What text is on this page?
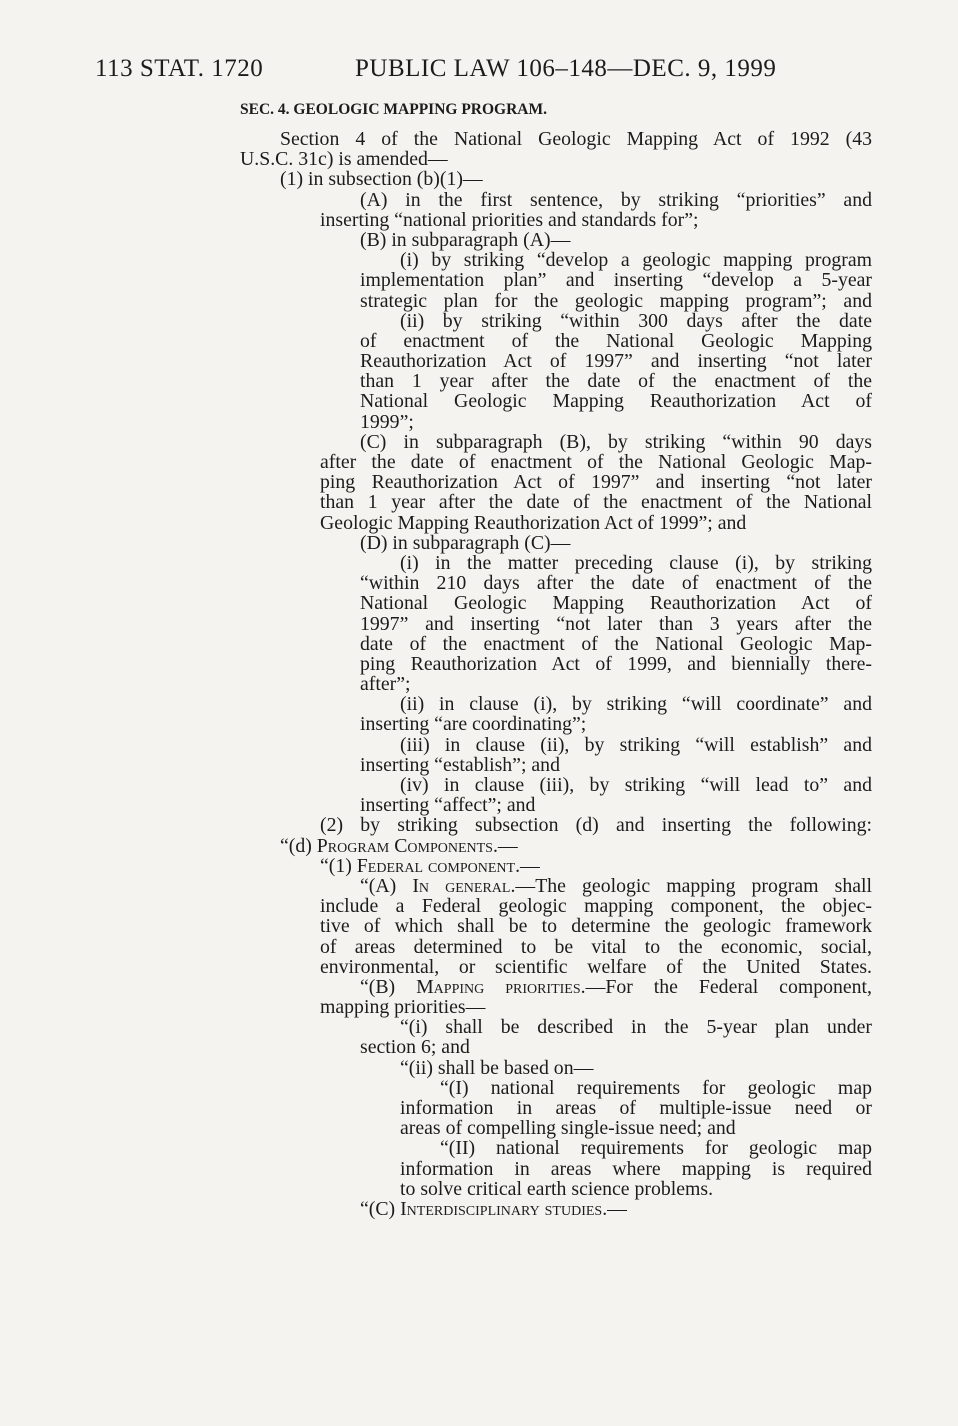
113 STAT. 1720	PUBLIC LAW 106–148—DEC. 9, 1999
SEC. 4. GEOLOGIC MAPPING PROGRAM.
Section 4 of the National Geologic Mapping Act of 1992 (43
U.S.C. 31c) is amended—
(1) in subsection (b)(1)—
(A) in the first sentence, by striking “priorities” and
inserting “national priorities and standards for”;
(B) in subparagraph (A)—
(i) by striking “develop a geologic mapping program
implementation plan” and inserting “develop a 5-year
strategic plan for the geologic mapping program”; and
(ii) by striking “within 300 days after the date
of enactment of the National Geologic Mapping
Reauthorization Act of 1997” and inserting “not later
than 1 year after the date of the enactment of the
National Geologic Mapping Reauthorization Act of
1999”;
(C) in subparagraph (B), by striking “within 90 days
after the date of enactment of the National Geologic Map-
ping Reauthorization Act of 1997” and inserting “not later
than 1 year after the date of the enactment of the National
Geologic Mapping Reauthorization Act of 1999”; and
(D) in subparagraph (C)—
(i) in the matter preceding clause (i), by striking
“within 210 days after the date of enactment of the
National Geologic Mapping Reauthorization Act of
1997” and inserting “not later than 3 years after the
date of the enactment of the National Geologic Map-
ping Reauthorization Act of 1999, and biennially there-
after”;
(ii) in clause (i), by striking “will coordinate” and
inserting “are coordinating”;
(iii) in clause (ii), by striking “will establish” and
inserting “establish”; and
(iv) in clause (iii), by striking “will lead to” and
inserting “affect”; and
(2) by striking subsection (d) and inserting the following:
“(d) Program Components.—
“(1) Federal component.—
“(A) In general.—The geologic mapping program shall
include a Federal geologic mapping component, the objec-
tive of which shall be to determine the geologic framework
of areas determined to be vital to the economic, social,
environmental, or scientific welfare of the United States.
“(B) Mapping priorities.—For the Federal component,
mapping priorities—
“(i) shall be described in the 5-year plan under
section 6; and
“(ii) shall be based on—
“(I) national requirements for geologic map
information in areas of multiple-issue need or
areas of compelling single-issue need; and
“(II) national requirements for geologic map
information in areas where mapping is required
to solve critical earth science problems.
“(C) Interdisciplinary studies.—
